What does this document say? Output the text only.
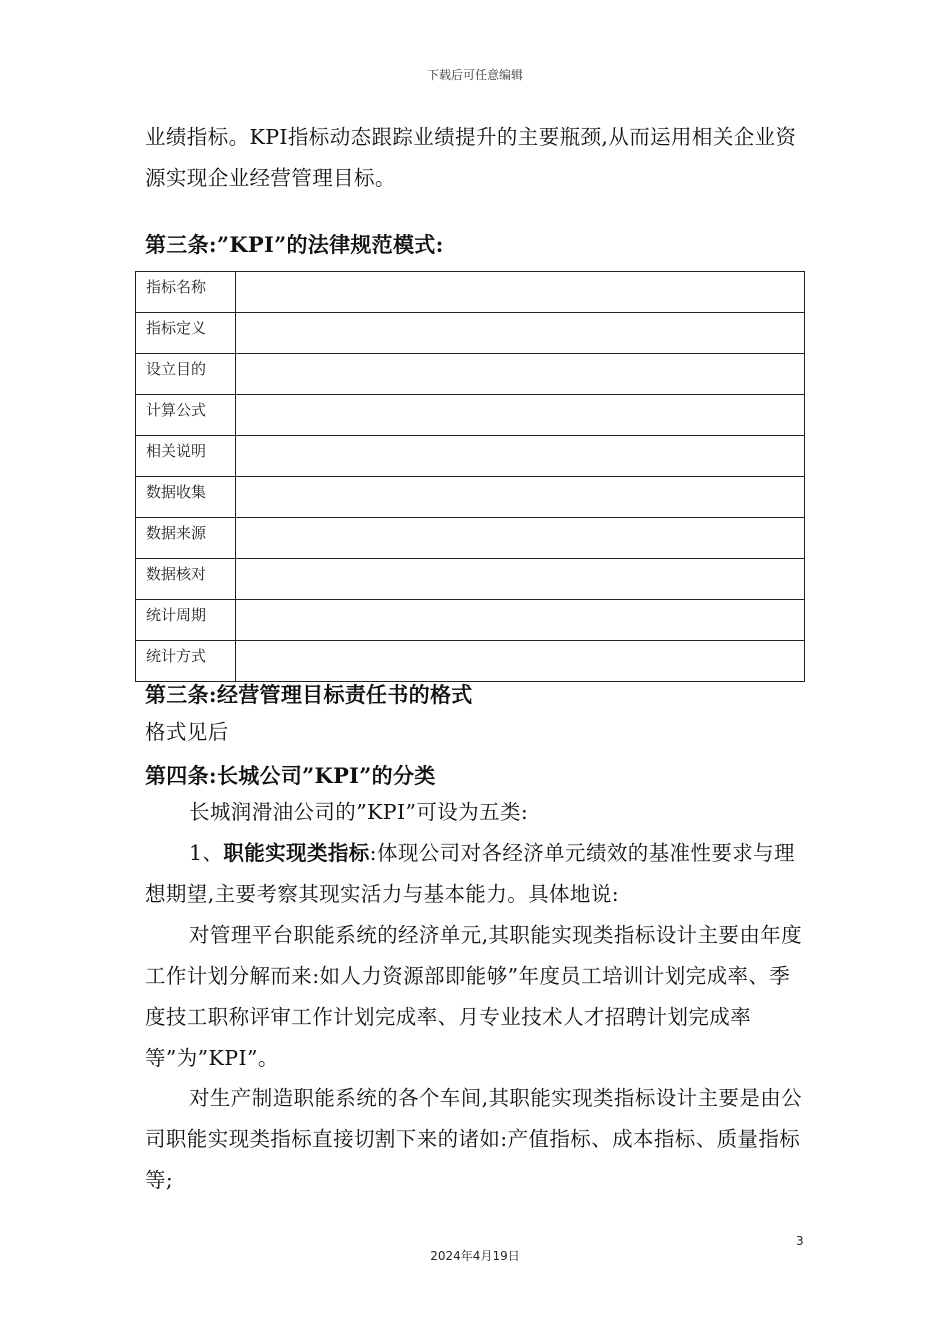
下载后可任意编辑

业绩指标。KPI指标动态跟踪业绩提升的主要瓶颈,从而运用相关企业资源实现企业经营管理目标。

第三条:”KPI”的法律规范模式:
指标名称	
指标定义	
设立目的	
计算公式	
相关说明	
数据收集	
数据来源	
数据核对	
统计周期	
统计方式	
第三条:经营管理目标责任书的格式

格式见后

第四条:长城公司”KPI”的分类

长城润滑油公司的”KPI”可设为五类:

1、职能实现类指标:体现公司对各经济单元绩效的基准性要求与理想期望,主要考察其现实活力与基本能力。具体地说:

对管理平台职能系统的经济单元,其职能实现类指标设计主要由年度工作计划分解而来:如人力资源部即能够”年度员工培训计划完成率、季度技工职称评审工作计划完成率、月专业技术人才招聘计划完成率等”为”KPI”。

对生产制造职能系统的各个车间,其职能实现类指标设计主要是由公司职能实现类指标直接切割下来的诸如:产值指标、成本指标、质量指标等;

3
2024年4月19日
